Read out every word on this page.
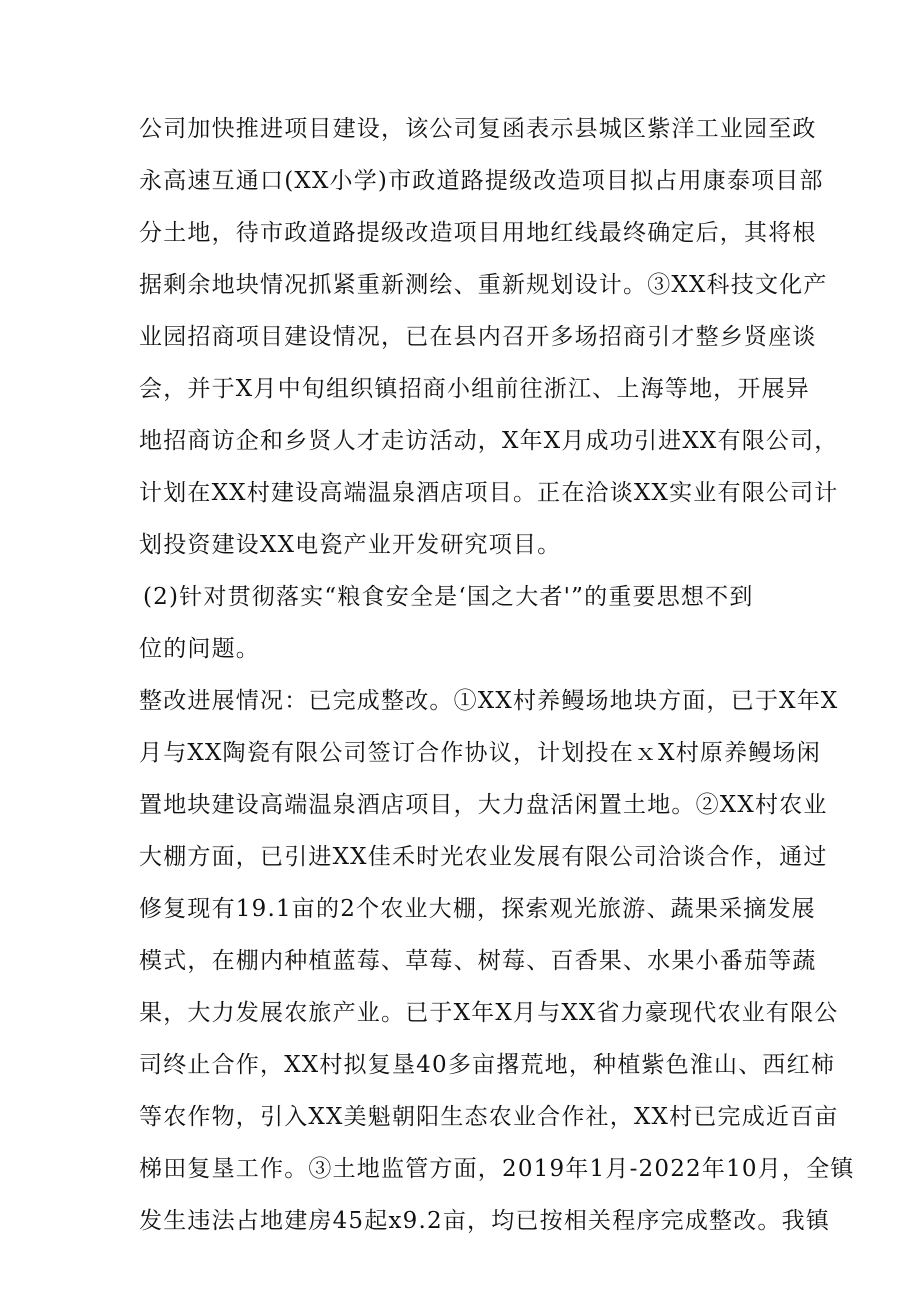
公司加快推进项目建设，该公司复函表示县城区紫洋工业园至政
永高速互通口(XX小学)市政道路提级改造项目拟占用康泰项目部
分土地，待市政道路提级改造项目用地红线最终确定后，其将根
据剩余地块情况抓紧重新测绘、重新规划设计。③XX科技文化产
业园招商项目建设情况，已在县内召开多场招商引才整乡贤座谈
会，并于X月中旬组织镇招商小组前往浙江、上海等地，开展异
地招商访企和乡贤人才走访活动，X年X月成功引进XX有限公司，
计划在XX村建设高端温泉酒店项目。正在洽谈XX实业有限公司计
划投资建设XX电瓷产业开发研究项目。
(2)针对贯彻落实“粮食安全是‘国之大者'”的重要思想不到
位的问题。
整改进展情况：已完成整改。①XX村养鳗场地块方面，已于X年X
月与XX陶瓷有限公司签订合作协议，计划投在ｘX村原养鳗场闲
置地块建设高端温泉酒店项目，大力盘活闲置土地。②XX村农业
大棚方面，已引进XX佳禾时光农业发展有限公司洽谈合作，通过
修复现有19.1亩的2个农业大棚，探索观光旅游、蔬果采摘发展
模式，在棚内种植蓝莓、草莓、树莓、百香果、水果小番茄等蔬
果，大力发展农旅产业。已于X年X月与XX省力豪现代农业有限公
司终止合作，XX村拟复垦40多亩撂荒地，种植紫色淮山、西红柿
等农作物，引入XX美魁朝阳生态农业合作社，XX村已完成近百亩
梯田复垦工作。③土地监管方面，2019年1月-2022年10月，全镇
发生违法占地建房45起x9.2亩，均已按相关程序完成整改。我镇
